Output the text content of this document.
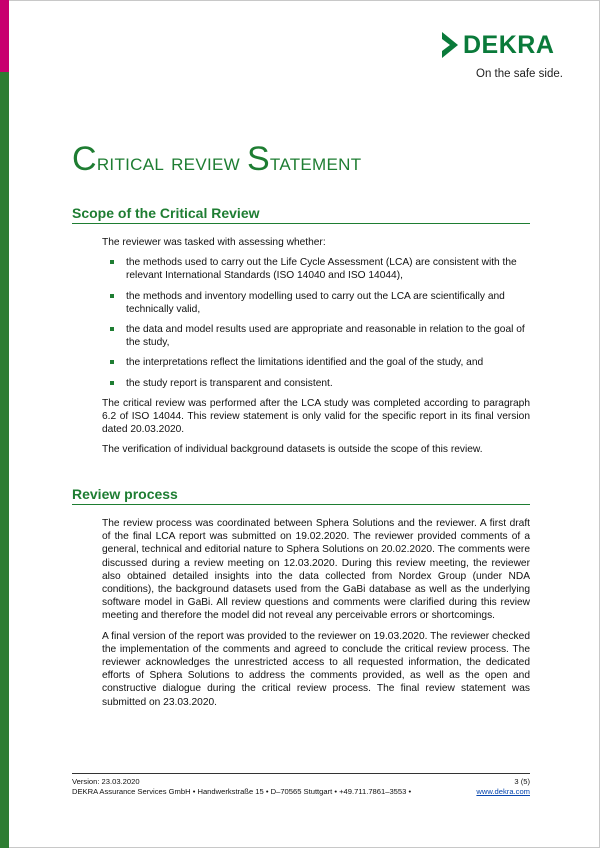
DEKRA
On the safe side.
Critical review Statement
Scope of the Critical Review

The reviewer was tasked with assessing whether:

the methods used to carry out the Life Cycle Assessment (LCA) are consistent with the relevant International Standards (ISO 14040 and ISO 14044),
the methods and inventory modelling used to carry out the LCA are scientifically and technically valid,
the data and model results used are appropriate and reasonable in relation to the goal of the study,
the interpretations reflect the limitations identified and the goal of the study, and
the study report is transparent and consistent.

The critical review was performed after the LCA study was completed according to paragraph 6.2 of ISO 14044. This review statement is only valid for the specific report in its final version dated 20.03.2020.

The verification of individual background datasets is outside the scope of this review.

Review process

The review process was coordinated between Sphera Solutions and the reviewer. A first draft of the final LCA report was submitted on 19.02.2020. The reviewer provided comments of a general, technical and editorial nature to Sphera Solutions on 20.02.2020. The comments were discussed during a review meeting on 12.03.2020. During this review meeting, the reviewer also obtained detailed insights into the data collected from Nordex Group (under NDA conditions), the background datasets used from the GaBi database as well as the underlying software model in GaBi. All review questions and comments were clarified during this review meeting and therefore the model did not reveal any perceivable errors or shortcomings.

A final version of the report was provided to the reviewer on 19.03.2020. The reviewer checked the implementation of the comments and agreed to conclude the critical review process. The reviewer acknowledges the unrestricted access to all requested information, the dedicated efforts of Sphera Solutions to address the comments provided, as well as the open and constructive dialogue during the critical review process. The final review statement was submitted on 23.03.2020.

Version: 23.03.2020	3 (5)
DEKRA Assurance Services GmbH • Handwerkstraße 15 • D–70565 Stuttgart • +49.711.7861–3553 •	www.dekra.com
